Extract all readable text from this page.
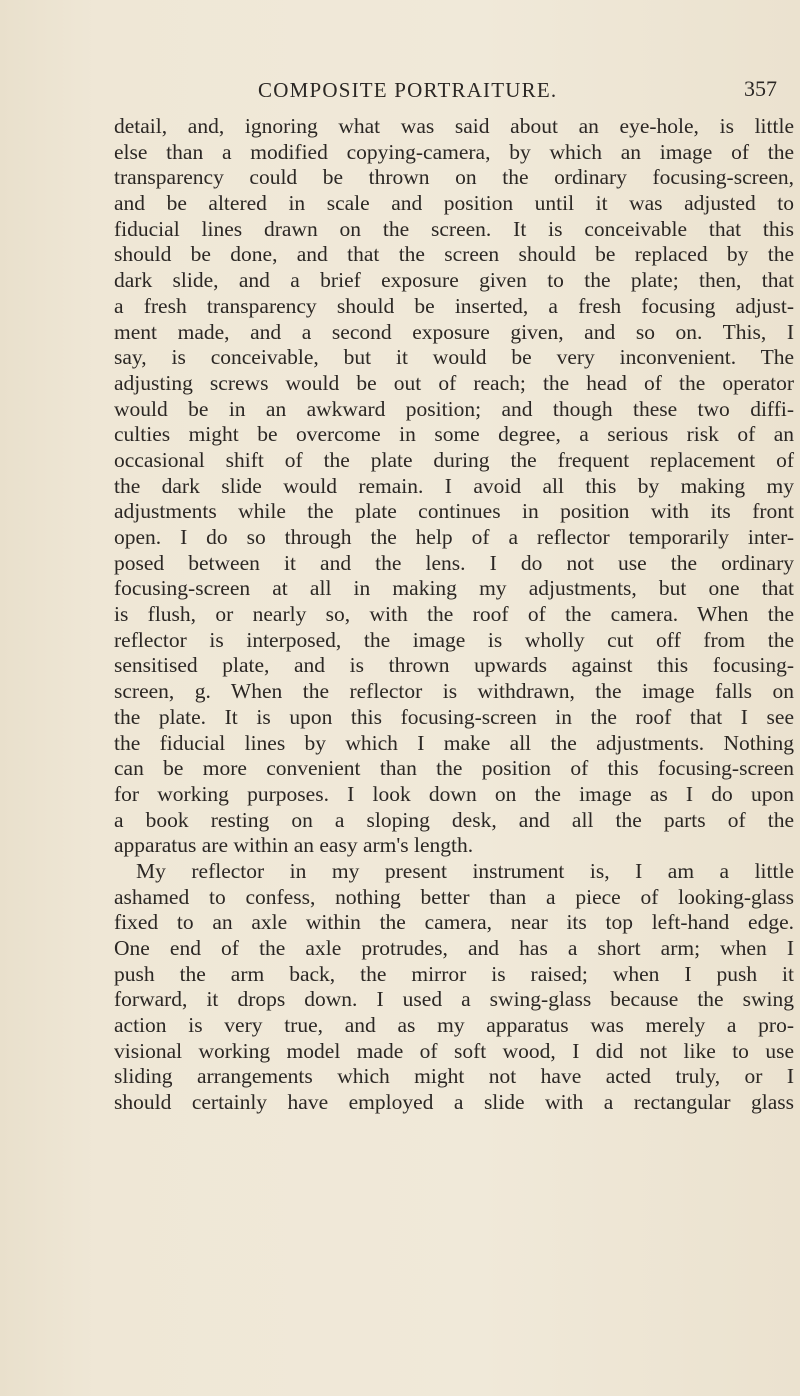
COMPOSITE PORTRAITURE.	357
detail, and, ignoring what was said about an eye-hole, is little
else than a modified copying-camera, by which an image of the
transparency could be thrown on the ordinary focusing-screen,
and be altered in scale and position until it was adjusted to
fiducial lines drawn on the screen. It is conceivable that this
should be done, and that the screen should be replaced by the
dark slide, and a brief exposure given to the plate; then, that
a fresh transparency should be inserted, a fresh focusing adjust-
ment made, and a second exposure given, and so on. This, I
say, is conceivable, but it would be very inconvenient. The
adjusting screws would be out of reach; the head of the operator
would be in an awkward position; and though these two diffi-
culties might be overcome in some degree, a serious risk of an
occasional shift of the plate during the frequent replacement of
the dark slide would remain. I avoid all this by making my
adjustments while the plate continues in position with its front
open. I do so through the help of a reflector temporarily inter-
posed between it and the lens. I do not use the ordinary
focusing-screen at all in making my adjustments, but one that
is flush, or nearly so, with the roof of the camera. When the
reflector is interposed, the image is wholly cut off from the
sensitised plate, and is thrown upwards against this focusing-
screen, g. When the reflector is withdrawn, the image falls on
the plate. It is upon this focusing-screen in the roof that I see
the fiducial lines by which I make all the adjustments. Nothing
can be more convenient than the position of this focusing-screen
for working purposes. I look down on the image as I do upon
a book resting on a sloping desk, and all the parts of the
apparatus are within an easy arm's length.
My reflector in my present instrument is, I am a little
ashamed to confess, nothing better than a piece of looking-glass
fixed to an axle within the camera, near its top left-hand edge.
One end of the axle protrudes, and has a short arm; when I
push the arm back, the mirror is raised; when I push it
forward, it drops down. I used a swing-glass because the swing
action is very true, and as my apparatus was merely a pro-
visional working model made of soft wood, I did not like to use
sliding arrangements which might not have acted truly, or I
should certainly have employed a slide with a rectangular glass
